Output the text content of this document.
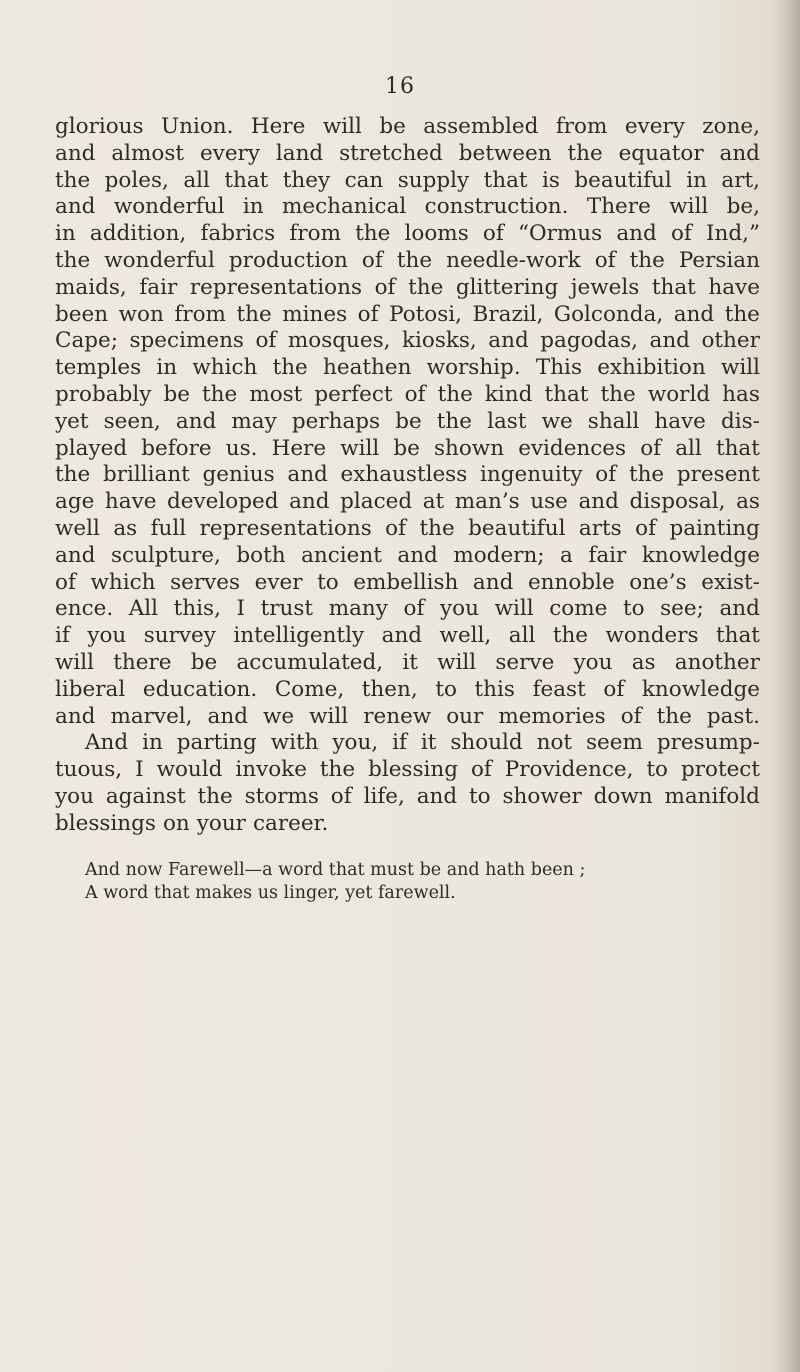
16
glorious Union. Here will be assembled from every zone,
and almost every land stretched between the equator and
the poles, all that they can supply that is beautiful in art,
and wonderful in mechanical construction. There will be,
in addition, fabrics from the looms of “Ormus and of Ind,”
the wonderful production of the needle-work of the Persian
maids, fair representations of the glittering jewels that have
been won from the mines of Potosi, Brazil, Golconda, and the
Cape; specimens of mosques, kiosks, and pagodas, and other
temples in which the heathen worship. This exhibition will
probably be the most perfect of the kind that the world has
yet seen, and may perhaps be the last we shall have dis-
played before us. Here will be shown evidences of all that
the brilliant genius and exhaustless ingenuity of the present
age have developed and placed at man’s use and disposal, as
well as full representations of the beautiful arts of painting
and sculpture, both ancient and modern; a fair knowledge
of which serves ever to embellish and ennoble one’s exist-
ence. All this, I trust many of you will come to see; and
if you survey intelligently and well, all the wonders that
will there be accumulated, it will serve you as another
liberal education. Come, then, to this feast of knowledge
and marvel, and we will renew our memories of the past.
And in parting with you, if it should not seem presump-
tuous, I would invoke the blessing of Providence, to protect
you against the storms of life, and to shower down manifold
blessings on your career.
And now Farewell—a word that must be and hath been ;
A word that makes us linger, yet farewell.
